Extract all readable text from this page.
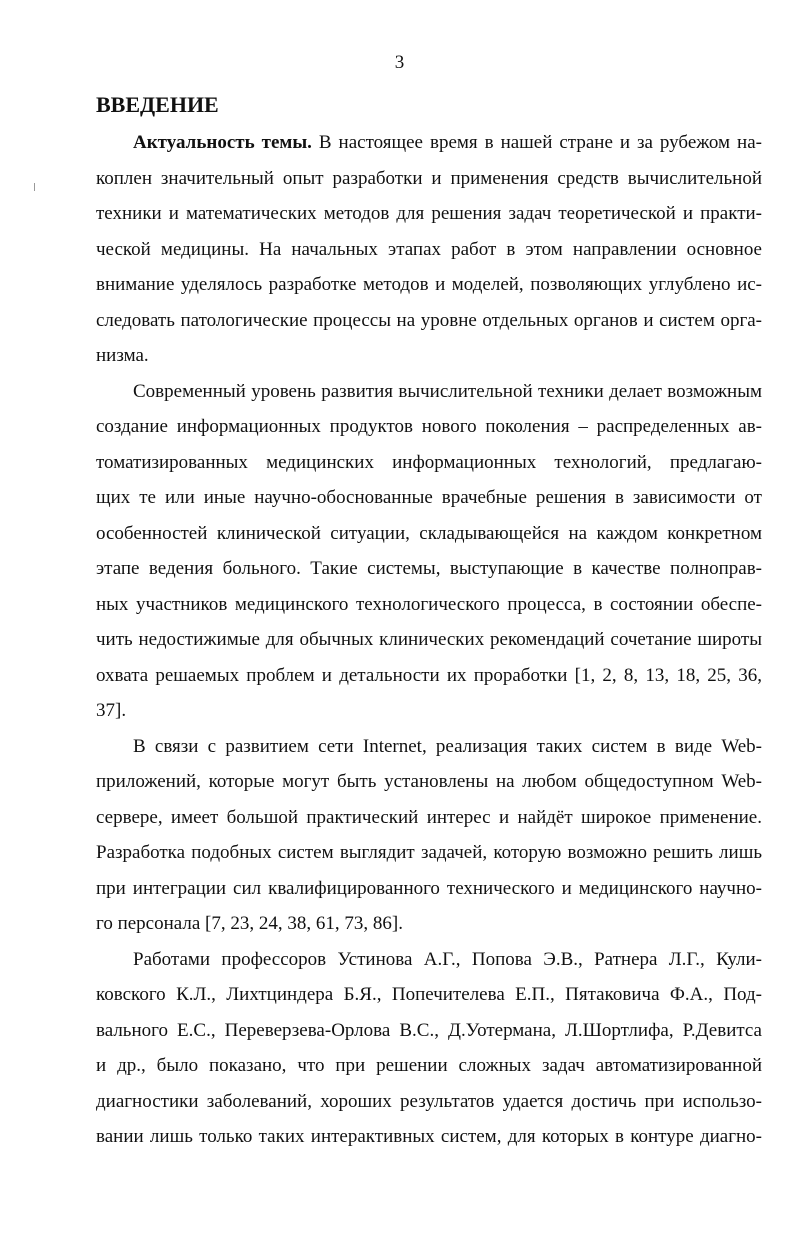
3
ВВЕДЕНИЕ
Актуальность темы. В настоящее время в нашей стране и за рубежом на-
коплен значительный опыт разработки и применения средств вычислительной
техники и математических методов для решения задач теоретической и практи-
ческой медицины. На начальных этапах работ в этом направлении основное
внимание уделялось разработке методов и моделей, позволяющих углублено ис-
следовать патологические процессы на уровне отдельных органов и систем орга-
низма.
Современный уровень развития вычислительной техники делает возможным
создание информационных продуктов нового поколения – распределенных ав-
томатизированных медицинских информационных технологий, предлагаю-
щих те или иные научно-обоснованные врачебные решения в зависимости от
особенностей клинической ситуации, складывающейся на каждом конкретном
этапе ведения больного. Такие системы, выступающие в качестве полноправ-
ных участников медицинского технологического процесса, в состоянии обеспе-
чить недостижимые для обычных клинических рекомендаций сочетание широты
охвата решаемых проблем и детальности их проработки [1, 2, 8, 13, 18, 25, 36,
37].
В связи с развитием сети Internet, реализация таких систем в виде Web-
приложений, которые могут быть установлены на любом общедоступном Web-
сервере, имеет большой практический интерес и найдёт широкое применение.
Разработка подобных систем выглядит задачей, которую возможно решить лишь
при интеграции сил квалифицированного технического и медицинского научно-
го персонала [7, 23, 24, 38, 61, 73, 86].
Работами профессоров Устинова А.Г., Попова Э.В., Ратнера Л.Г., Кули-
ковского К.Л., Лихтциндера Б.Я., Попечителева Е.П., Пятаковича Ф.А., Под-
вального Е.С., Переверзева-Орлова В.С., Д.Уотермана, Л.Шортлифа, Р.Девитса
и др., было показано, что при решении сложных задач автоматизированной
диагностики заболеваний, хороших результатов удается достичь при использо-
вании лишь только таких интерактивных систем, для которых в контуре диагно-
